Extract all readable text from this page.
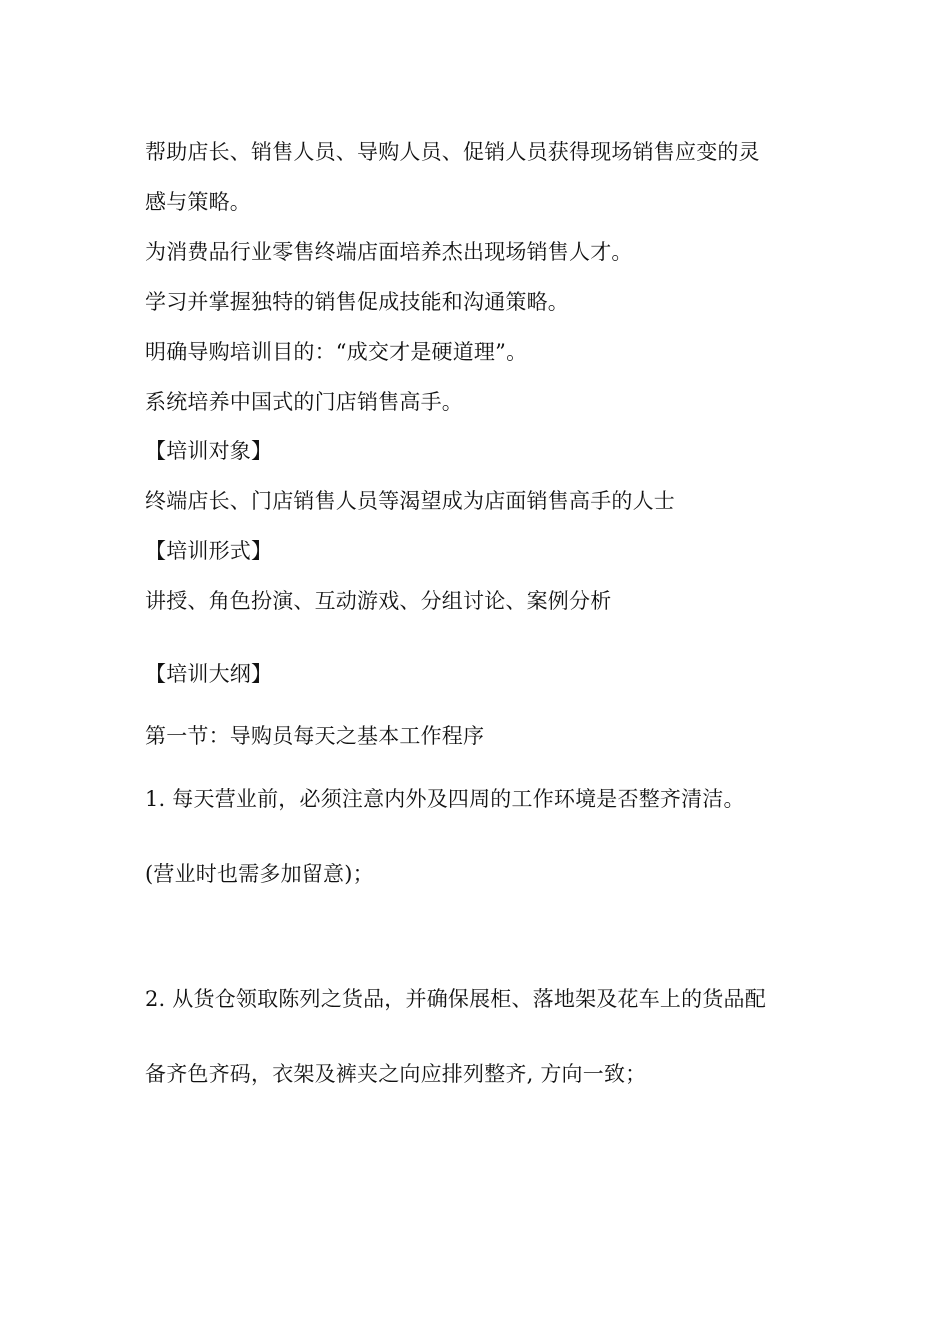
帮助店长、销售人员、导购人员、促销人员获得现场销售应变的灵
感与策略。
为消费品行业零售终端店面培养杰出现场销售人才。
学习并掌握独特的销售促成技能和沟通策略。
明确导购培训目的：“成交才是硬道理”。
系统培养中国式的门店销售高手。
【培训对象】
终端店长、门店销售人员等渴望成为店面销售高手的人士
【培训形式】
讲授、角色扮演、互动游戏、分组讨论、案例分析
【培训大纲】
第一节：导购员每天之基本工作程序
1. 每天营业前，必须注意内外及四周的工作环境是否整齐清洁。
(营业时也需多加留意)；
2. 从货仓领取陈列之货品，并确保展柜、落地架及花车上的货品配
备齐色齐码，衣架及裤夹之向应排列整齐, 方向一致；
